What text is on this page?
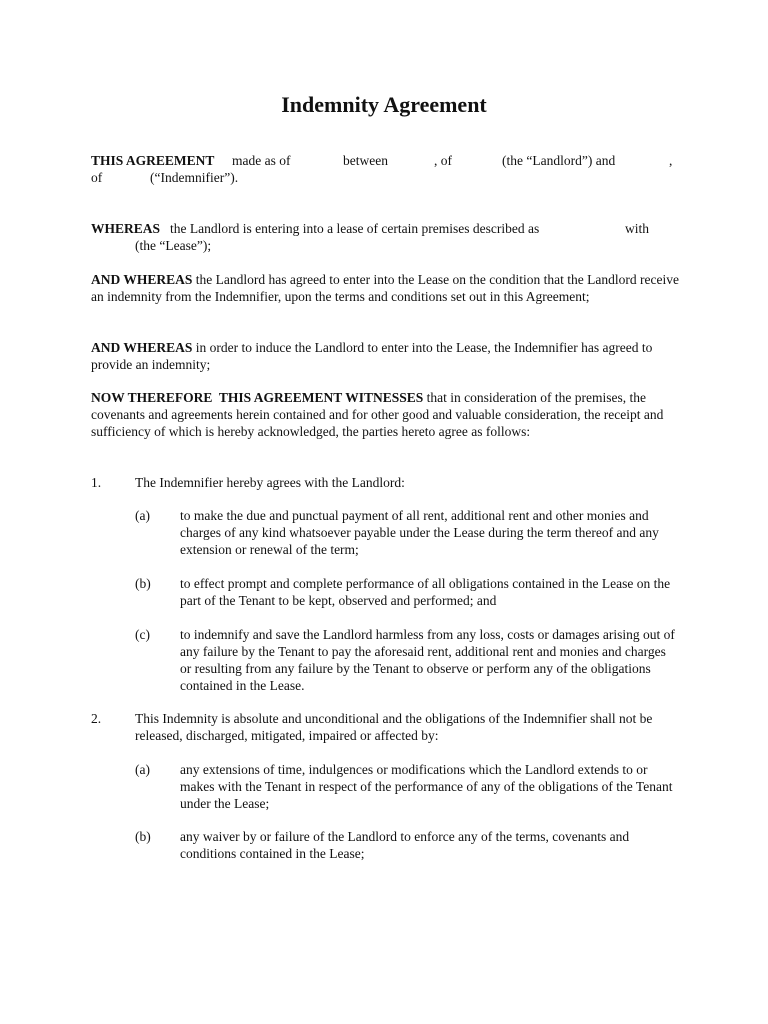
Indemnity Agreement
THIS AGREEMENT made as of	between	, of	(the “Landlord”) and	,
of	(“Indemnifier”).
WHEREAS the Landlord is entering into a lease of certain premises described as	with
(the “Lease”);

AND WHEREAS the Landlord has agreed to enter into the Lease on the condition that the Landlord receive an indemnity from the Indemnifier, upon the terms and conditions set out in this Agreement;

AND WHEREAS in order to induce the Landlord to enter into the Lease, the Indemnifier has agreed to provide an indemnity;

NOW THEREFORE  THIS AGREEMENT WITNESSES that in consideration of the premises, the covenants and agreements herein contained and for other good and valuable consideration, the receipt and sufficiency of which is hereby acknowledged, the parties hereto agree as follows:

1.	The Indemnifier hereby agrees with the Landlord:

(a) to make the due and punctual payment of all rent, additional rent and other monies and charges of any kind whatsoever payable under the Lease during the term thereof and any extension or renewal of the term;

(b) to effect prompt and complete performance of all obligations contained in the Lease on the part of the Tenant to be kept, observed and performed; and

(c) to indemnify and save the Landlord harmless from any loss, costs or damages arising out of any failure by the Tenant to pay the aforesaid rent, additional rent and monies and charges or resulting from any failure by the Tenant to observe or perform any of the obligations contained in the Lease.

2.	This Indemnity is absolute and unconditional and the obligations of the Indemnifier shall not be released, discharged, mitigated, impaired or affected by:

(a) any extensions of time, indulgences or modifications which the Landlord extends to or makes with the Tenant in respect of the performance of any of the obligations of the Tenant under the Lease;

(b) any waiver by or failure of the Landlord to enforce any of the terms, covenants and conditions contained in the Lease;
